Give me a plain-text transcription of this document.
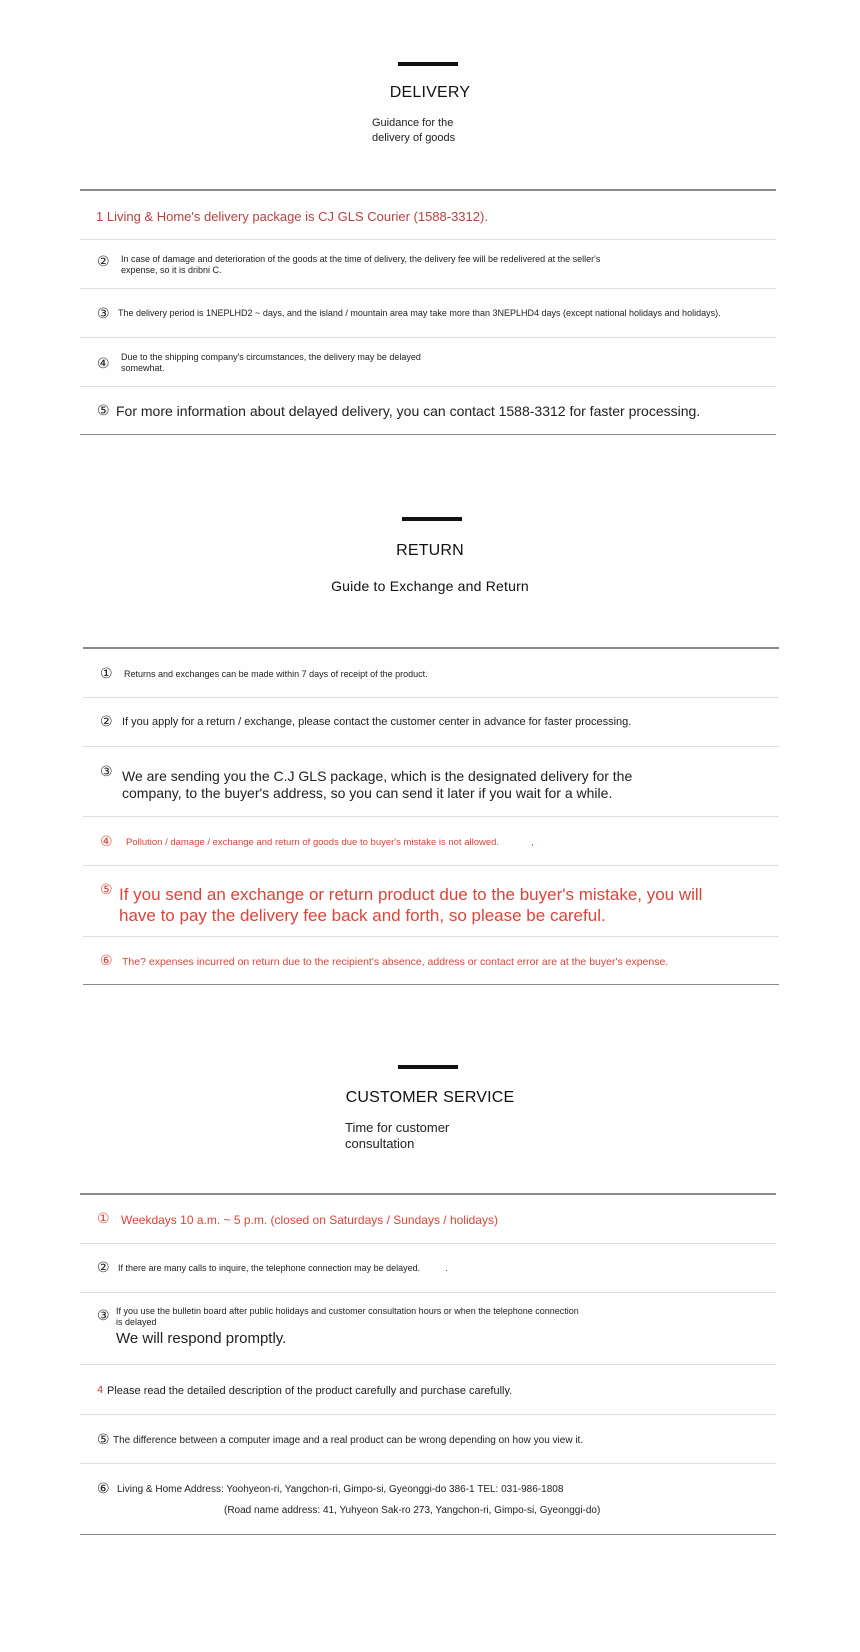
DELIVERY
Guidance for the
delivery of goods
1 Living & Home's delivery package is CJ GLS Courier (1588-3312).
②	In case of damage and deterioration of the goods at the time of delivery, the delivery fee will be redelivered at the seller's
expense, so it is dribni C.
③ The delivery period is 1NEPLHD2 ~ days, and the island / mountain area may take more than 3NEPLHD4 days (except national holidays and holidays).
④	Due to the shipping company's circumstances, the delivery may be delayed
somewhat.
⑤ For more information about delayed delivery, you can contact 1588-3312 for faster processing.
RETURN
Guide to Exchange and Return
①	Returns and exchanges can be made within 7 days of receipt of the product.
② If you apply for a return / exchange, please contact the customer center in advance for faster processing.
③ We are sending you the C.J GLS package, which is the designated delivery for the
company, to the buyer's address, so you can send it later if you wait for a while.
④	Pollution / damage / exchange and return of goods due to buyer's mistake is not allowed.	,
⑤ If you send an exchange or return product due to the buyer's mistake, you will
have to pay the delivery fee back and forth, so please be careful.
⑥ The? expenses incurred on return due to the recipient's absence, address or contact error are at the buyer's expense.
CUSTOMER SERVICE
Time for customer
consultation
① Weekdays 10 a.m. ~ 5 p.m. (closed on Saturdays / Sundays / holidays)
② If there are many calls to inquire, the telephone connection may be delayed.	.
③ If you use the bulletin board after public holidays and customer consultation hours or when the telephone connection
is delayed
We will respond promptly.
4 Please read the detailed description of the product carefully and purchase carefully.
⑤ The difference between a computer image and a real product can be wrong depending on how you view it.
⑥ Living & Home Address: Yoohyeon-ri, Yangchon-ri, Gimpo-si, Gyeonggi-do 386-1 TEL: 031-986-1808
(Road name address: 41, Yuhyeon Sak-ro 273, Yangchon-ri, Gimpo-si, Gyeonggi-do)
